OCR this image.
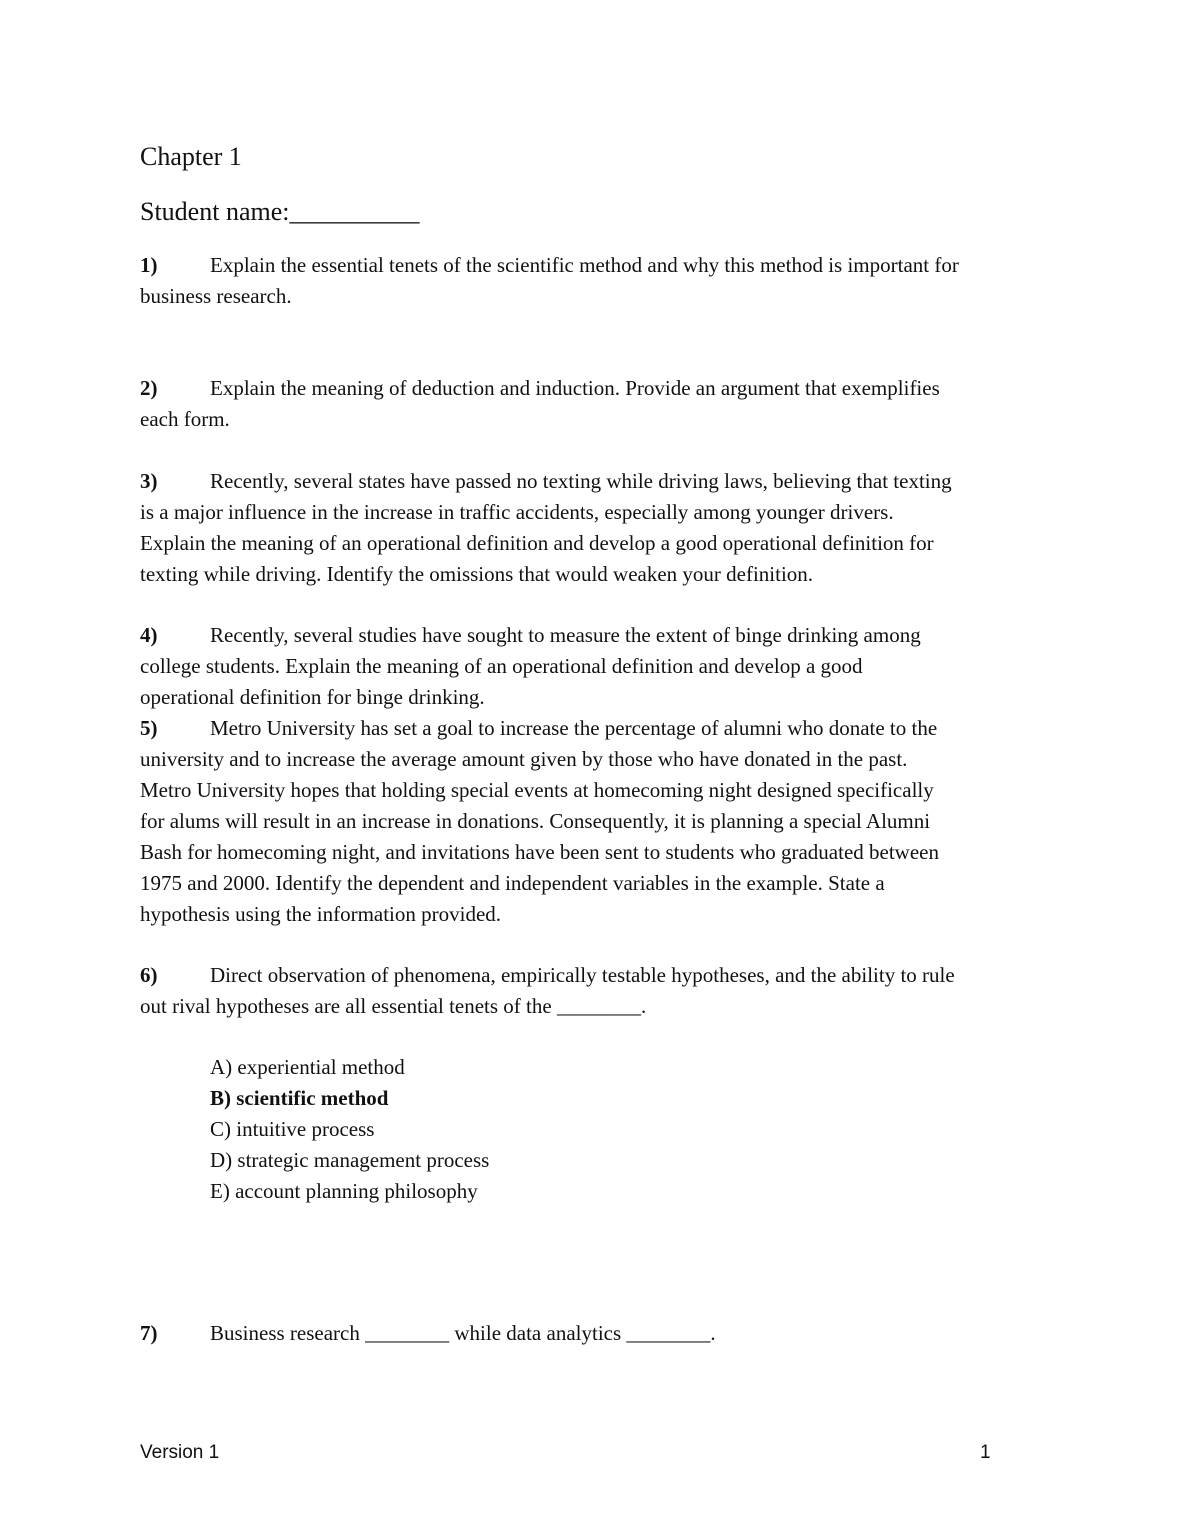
Chapter 1
Student name:__________
1)	Explain the essential tenets of the scientific method and why this method is important for
business research.
2)	Explain the meaning of deduction and induction. Provide an argument that exemplifies
each form.
3)	Recently, several states have passed no texting while driving laws, believing that texting
is a major influence in the increase in traffic accidents, especially among younger drivers.
Explain the meaning of an operational definition and develop a good operational definition for
texting while driving. Identify the omissions that would weaken your definition.
4)	Recently, several studies have sought to measure the extent of binge drinking among
college students. Explain the meaning of an operational definition and develop a good
operational definition for binge drinking.
5)	Metro University has set a goal to increase the percentage of alumni who donate to the
university and to increase the average amount given by those who have donated in the past.
Metro University hopes that holding special events at homecoming night designed specifically
for alums will result in an increase in donations. Consequently, it is planning a special Alumni
Bash for homecoming night, and invitations have been sent to students who graduated between
1975 and 2000. Identify the dependent and independent variables in the example. State a
hypothesis using the information provided.
6)	Direct observation of phenomena, empirically testable hypotheses, and the ability to rule
out rival hypotheses are all essential tenets of the ________.
A) experiential method
B) scientific method
C) intuitive process
D) strategic management process
E) account planning philosophy
7)	Business research ________ while data analytics ________.
Version 1	1
